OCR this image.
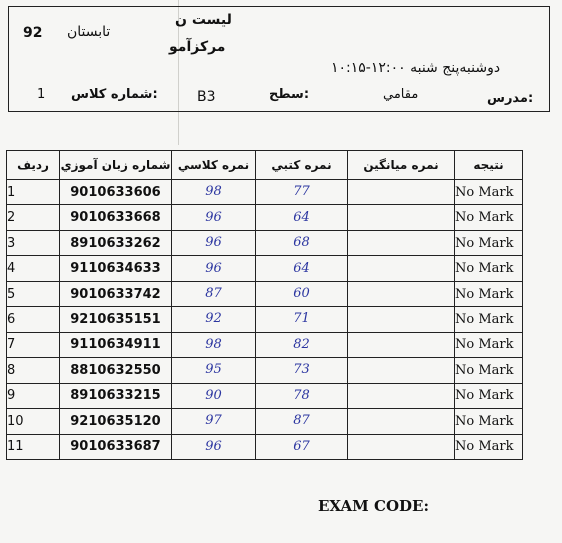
92 تابستان
لیست ن
مرکزآمو
دوشنبه‌پنج شنبه ۱۲:۰۰-۱۰:۱۵
1 شماره كلاس:	B3	سطح:	مقامي	مدرس:
رديف	شماره زبان آموزي	نمره كلاسي	نمره كتبي	نمره ميانگين	نتيجه
1	9010633606	98	77		No Mark
2	9010633668	96	64		No Mark
3	8910633262	96	68		No Mark
4	9110634633	96	64		No Mark
5	9010633742	87	60		No Mark
6	9210635151	92	71		No Mark
7	9110634911	98	82		No Mark
8	8810632550	95	73		No Mark
9	8910633215	90	78		No Mark
10	9210635120	97	87		No Mark
11	9010633687	96	67		No Mark
EXAM CODE:
